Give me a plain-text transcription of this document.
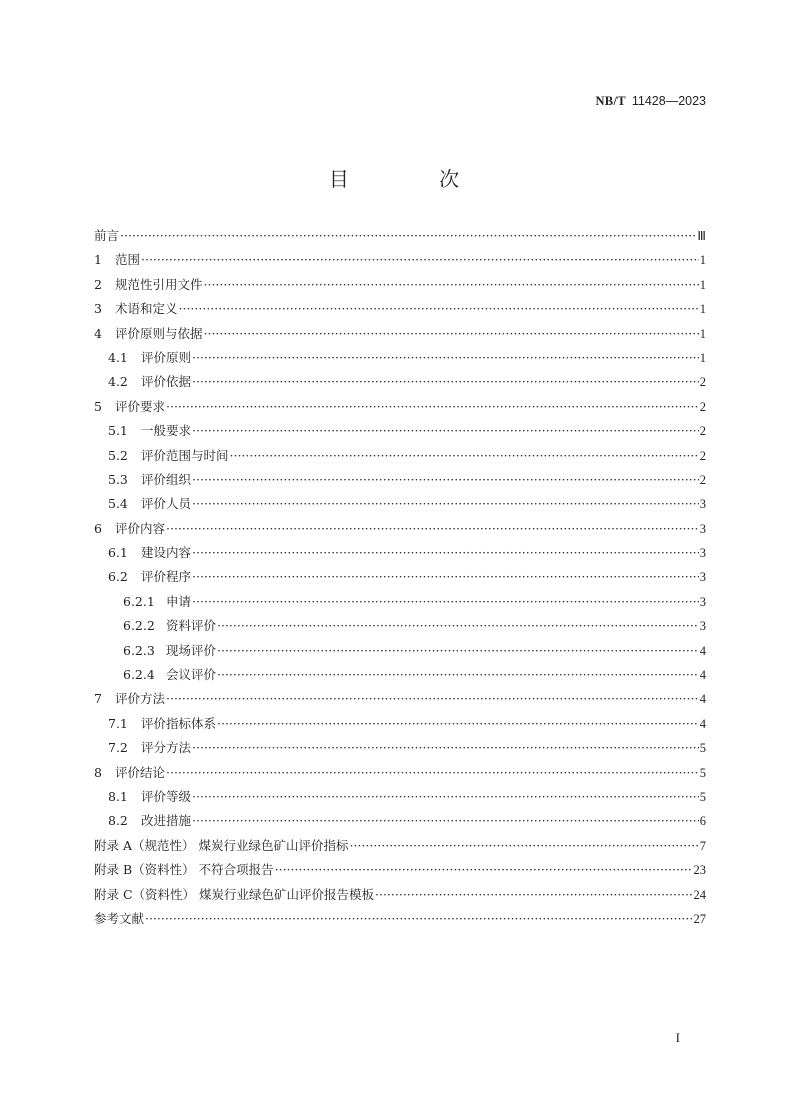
NB/T 11428—2023
目 次
前言 ·····	Ⅲ
1	范围 ·····	1
2	规范性引用文件 ·····	1
3	术语和定义 ·····	1
4	评价原则与依据 ·····	1
4.1	评价原则 ·····	1
4.2	评价依据 ·····	2
5	评价要求 ·····	2
5.1	一般要求 ·····	2
5.2	评价范围与时间 ·····	2
5.3	评价组织 ·····	2
5.4	评价人员 ·····	3
6	评价内容 ·····	3
6.1	建设内容 ·····	3
6.2	评价程序 ·····	3
6.2.1 申请 ·····	3
6.2.2 资料评价 ·····	3
6.2.3 现场评价 ·····	4
6.2.4 会议评价 ·····	4
7	评价方法 ·····	4
7.1	评价指标体系 ·····	4
7.2	评分方法 ·····	5
8	评价结论 ·····	5
8.1	评价等级 ·····	5
8.2	改进措施 ·····	6
附录 A（规范性） 煤炭行业绿色矿山评价指标 ·····	7
附录 B（资料性） 不符合项报告 ·····	23
附录 C（资料性） 煤炭行业绿色矿山评价报告模板 ·····	24
参考文献 ·····	27
I
